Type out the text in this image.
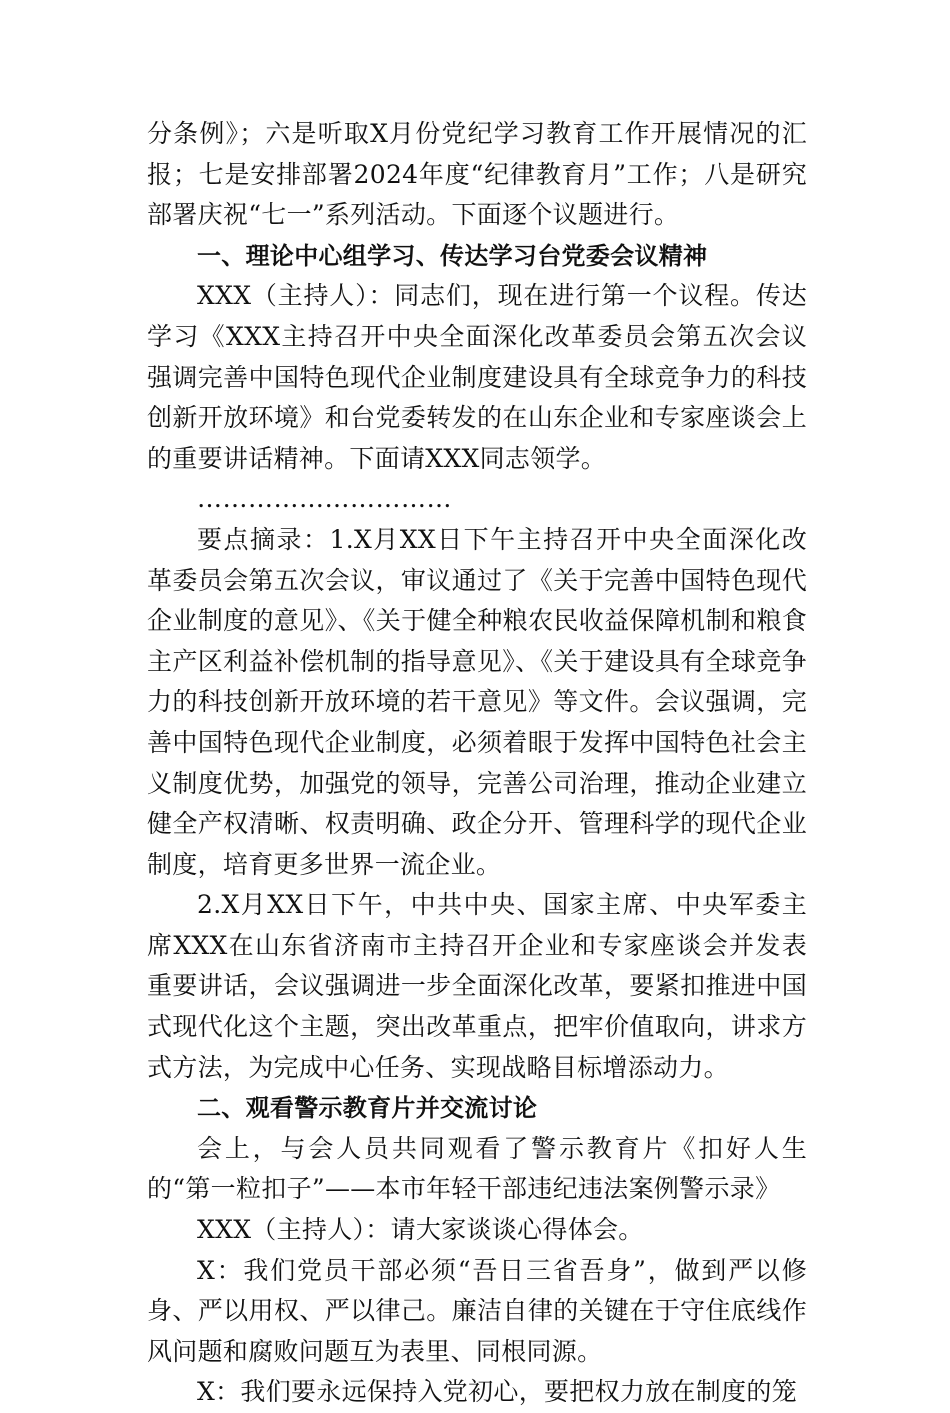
分条例》；六是听取X月份党纪学习教育工作开展情况的汇报；七是安排部署2024年度“纪律教育月”工作；八是研究部署庆祝“七一”系列活动。下面逐个议题进行。

一、理论中心组学习、传达学习台党委会议精神

XXX（主持人）：同志们，现在进行第一个议程。传达学习《XXX主持召开中央全面深化改革委员会第五次会议强调完善中国特色现代企业制度建设具有全球竞争力的科技创新开放环境》和台党委转发的在山东企业和专家座谈会上的重要讲话精神。下面请XXX同志领学。

…………………………

要点摘录：1.X月XX日下午主持召开中央全面深化改革委员会第五次会议，审议通过了《关于完善中国特色现代企业制度的意见》、《关于健全种粮农民收益保障机制和粮食主产区利益补偿机制的指导意见》、《关于建设具有全球竞争力的科技创新开放环境的若干意见》等文件。会议强调，完善中国特色现代企业制度，必须着眼于发挥中国特色社会主义制度优势，加强党的领导，完善公司治理，推动企业建立健全产权清晰、权责明确、政企分开、管理科学的现代企业制度，培育更多世界一流企业。

2.X月XX日下午，中共中央、国家主席、中央军委主席XXX在山东省济南市主持召开企业和专家座谈会并发表重要讲话，会议强调进一步全面深化改革，要紧扣推进中国式现代化这个主题，突出改革重点，把牢价值取向，讲求方式方法，为完成中心任务、实现战略目标增添动力。

二、观看警示教育片并交流讨论

会上，与会人员共同观看了警示教育片《扣好人生的“第一粒扣子”——本市年轻干部违纪违法案例警示录》

XXX（主持人）：请大家谈谈心得体会。

X：我们党员干部必须“吾日三省吾身”，做到严以修身、严以用权、严以律己。廉洁自律的关键在于守住底线作风问题和腐败问题互为表里、同根同源。

X：我们要永远保持入党初心，要把权力放在制度的笼
